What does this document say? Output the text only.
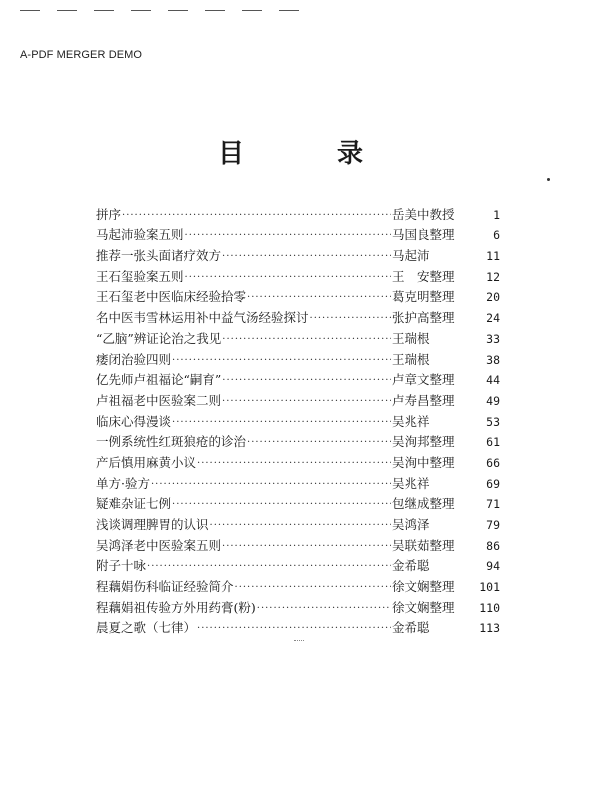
A-PDF MERGER DEMO
目	录
拼序 ·····	岳美中教授	1
马起沛验案五则 ·····	马国良整理	6
推荐一张头面诸疗效方 ·····	马起沛	11
王石玺验案五则 ·····	王　安整理	12
王石玺老中医临床经验拾零 ·····	葛克明整理	20
名中医韦雪林运用补中益气汤经验探讨 ·····	张护高整理	24
“乙脑”辨证论治之我见 ·····	王瑞根	33
痿闭治验四则 ·····	王瑞根	38
亿先师卢祖福论“嗣育” ·····	卢章文整理	44
卢祖福老中医验案二则 ·····	卢寿昌整理	49
临床心得漫谈 ·····	吴兆祥	53
一例系统性红斑狼疮的诊治 ·····	吴洵邦整理	61
产后慎用麻黄小议 ·····	吴洵中整理	66
单方·验方 ·····	吴兆祥	69
疑难杂证七例 ·····	包继成整理	71
浅谈调理脾胃的认识 ·····	吴鸿泽	79
吴鸿泽老中医验案五则 ·····	吴联茹整理	86
附子十咏 ·····	金希聪	94
程藕娟伤科临证经验简介 ·····	徐文娴整理	101
程藕娟祖传验方外用药膏(粉) ·····	徐文娴整理	110
晨夏之歌（七律） ·····	金希聪	113
